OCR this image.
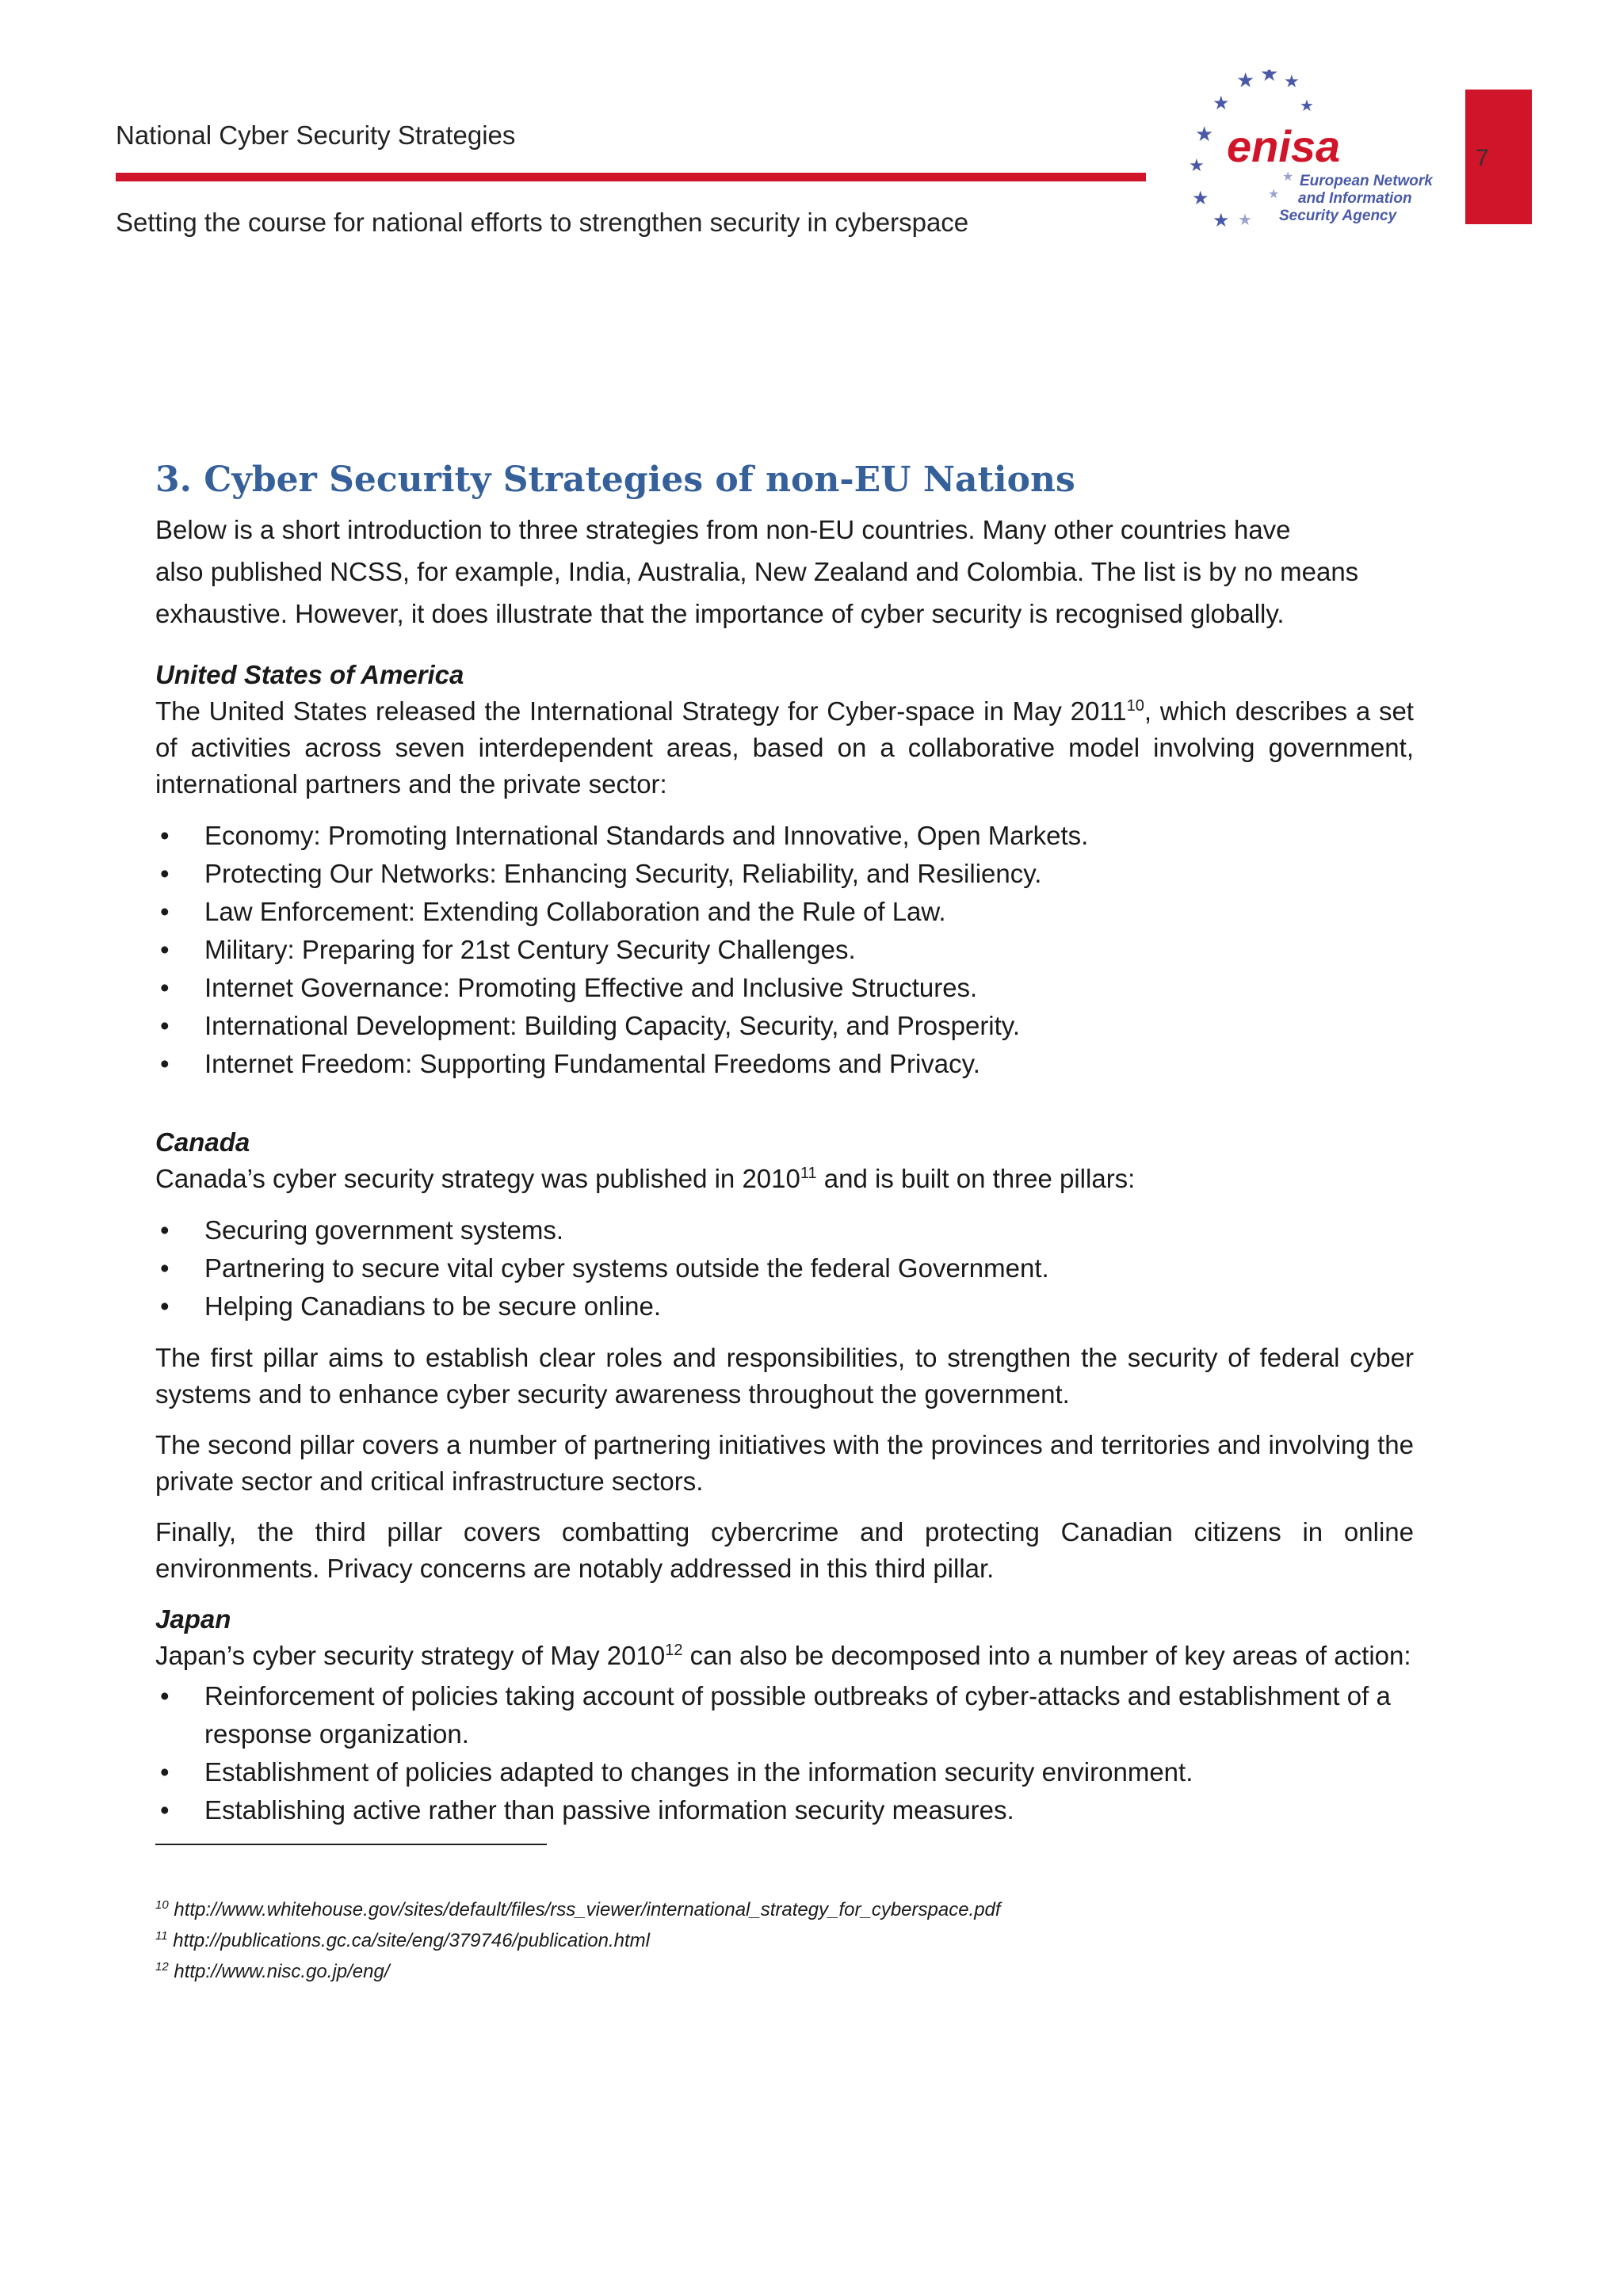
National Cyber Security Strategies
Setting the course for national efforts to strengthen security in cyberspace
★ ★ ★
★	★
★
★
★
★ ★
★
★
enisa
European Network
and Information
Security Agency
7
3. Cyber Security Strategies of non-EU Nations

Below is a short introduction to three strategies from non-EU countries. Many other countries have
also published NCSS, for example, India, Australia, New Zealand and Colombia. The list is by no means
exhaustive. However, it does illustrate that the importance of cyber security is recognised globally.

United States of America

The United States released the International Strategy for Cyber-space in May 2011$^{10}$, which describes a set of activities across seven interdependent areas, based on a collaborative model involving government, international partners and the private sector:

• Economy: Promoting International Standards and Innovative, Open Markets.
• Protecting Our Networks: Enhancing Security, Reliability, and Resiliency.
• Law Enforcement: Extending Collaboration and the Rule of Law.
• Military: Preparing for 21st Century Security Challenges.
• Internet Governance: Promoting Effective and Inclusive Structures.
• International Development: Building Capacity, Security, and Prosperity.
• Internet Freedom: Supporting Fundamental Freedoms and Privacy.

Canada

Canada’s cyber security strategy was published in 2010$^{11}$ and is built on three pillars:

• Securing government systems.
• Partnering to secure vital cyber systems outside the federal Government.
• Helping Canadians to be secure online.

The first pillar aims to establish clear roles and responsibilities, to strengthen the security of federal cyber systems and to enhance cyber security awareness throughout the government.

The second pillar covers a number of partnering initiatives with the provinces and territories and involving the private sector and critical infrastructure sectors.

Finally, the third pillar covers combatting cybercrime and protecting Canadian citizens in online environments. Privacy concerns are notably addressed in this third pillar.

Japan

Japan’s cyber security strategy of May 2010$^{12}$ can also be decomposed into a number of key areas of action:

• Reinforcement of policies taking account of possible outbreaks of cyber-attacks and establishment of a response organization.
• Establishment of policies adapted to changes in the information security environment.
• Establishing active rather than passive information security measures.

$^{10}$ http://www.whitehouse.gov/sites/default/files/rss_viewer/international_strategy_for_cyberspace.pdf

$^{11}$ http://publications.gc.ca/site/eng/379746/publication.html

$^{12}$ http://www.nisc.go.jp/eng/
